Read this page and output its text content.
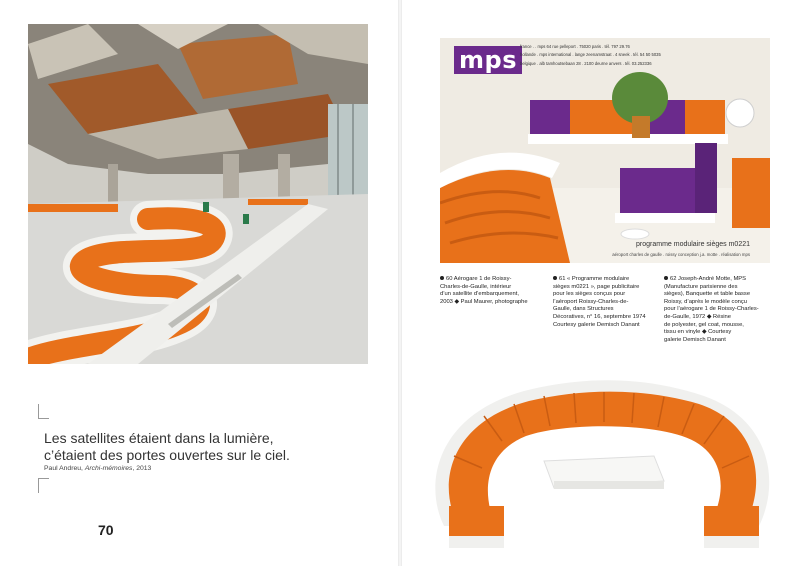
Les satellites étaient dans la lumière,
c’étaient des portes ouvertes sur le ciel.
Paul Andreu, Archi-mémoires, 2013
70
mps france . . mps 64 rue pelleport . 75020 paris . tél. 797 29.76
hollande . mps international . lange zeenamstraat . 4 sneek . tél. 54 50 5035
belgique . alb tamhoutsebaan 28 . 2100 deurne anvers . tél. 03.252336
programme modulaire sièges m0221
aéroport charles de gaulle . roissy conception j.a. motte . réalisation mps
60 Aérogare 1 de Roissy-
Charles-de-Gaulle, intérieur
d’un satellite d’embarquement,
2003 ◆ Paul Maurer, photographe
61 « Programme modulaire
sièges m0221 », page publicitaire
pour les sièges conçus pour
l’aéroport Roissy-Charles-de-
Gaulle, dans Structures
Décoratives, n° 16, septembre 1974
Courtesy galerie Demisch Danant
62 Joseph-André Motte, MPS
(Manufacture parisienne des
sièges), Banquette et table basse
Roissy, d’après le modèle conçu
pour l’aérogare 1 de Roissy-Charles-
de-Gaulle, 1972 ◆ Résine
de polyester, gel coat, mousse,
tissu en vinyle ◆ Courtesy
galerie Demisch Danant
